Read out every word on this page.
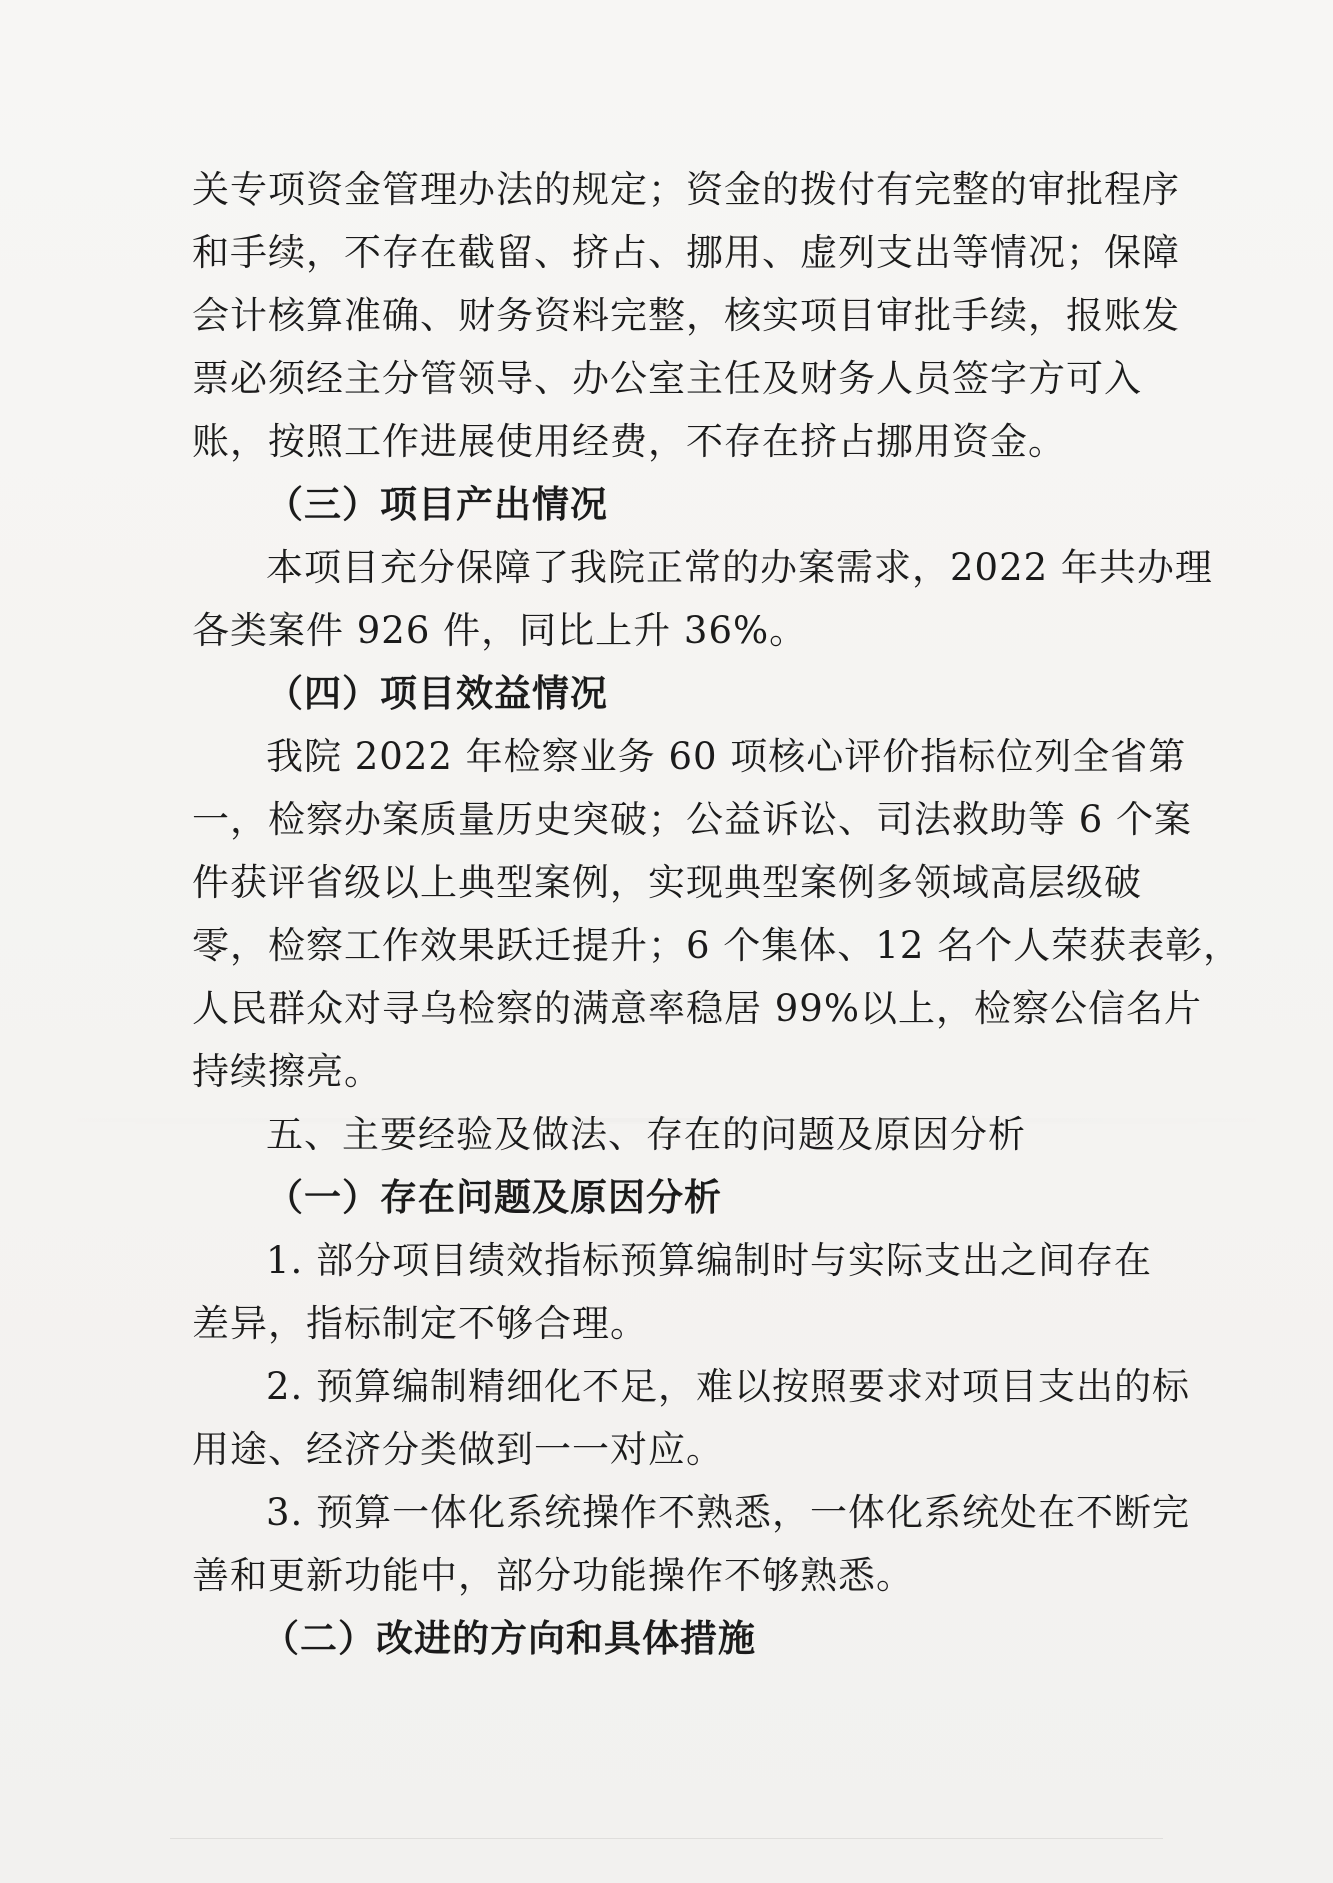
关专项资金管理办法的规定；资金的拨付有完整的审批程序
和手续，不存在截留、挤占、挪用、虚列支出等情况；保障
会计核算准确、财务资料完整，核实项目审批手续，报账发
票必须经主分管领导、办公室主任及财务人员签字方可入
账，按照工作进展使用经费，不存在挤占挪用资金。
（三）项目产出情况
本项目充分保障了我院正常的办案需求，2022 年共办理
各类案件 926 件，同比上升 36%。
（四）项目效益情况
我院 2022 年检察业务 60 项核心评价指标位列全省第
一，检察办案质量历史突破；公益诉讼、司法救助等 6 个案
件获评省级以上典型案例，实现典型案例多领域高层级破
零，检察工作效果跃迁提升；6 个集体、12 名个人荣获表彰，
人民群众对寻乌检察的满意率稳居 99%以上，检察公信名片
持续擦亮。
五、主要经验及做法、存在的问题及原因分析
（一）存在问题及原因分析
1. 部分项目绩效指标预算编制时与实际支出之间存在
差异，指标制定不够合理。
2. 预算编制精细化不足，难以按照要求对项目支出的标
用途、经济分类做到一一对应。
3. 预算一体化系统操作不熟悉，一体化系统处在不断完
善和更新功能中，部分功能操作不够熟悉。
（二）改进的方向和具体措施
